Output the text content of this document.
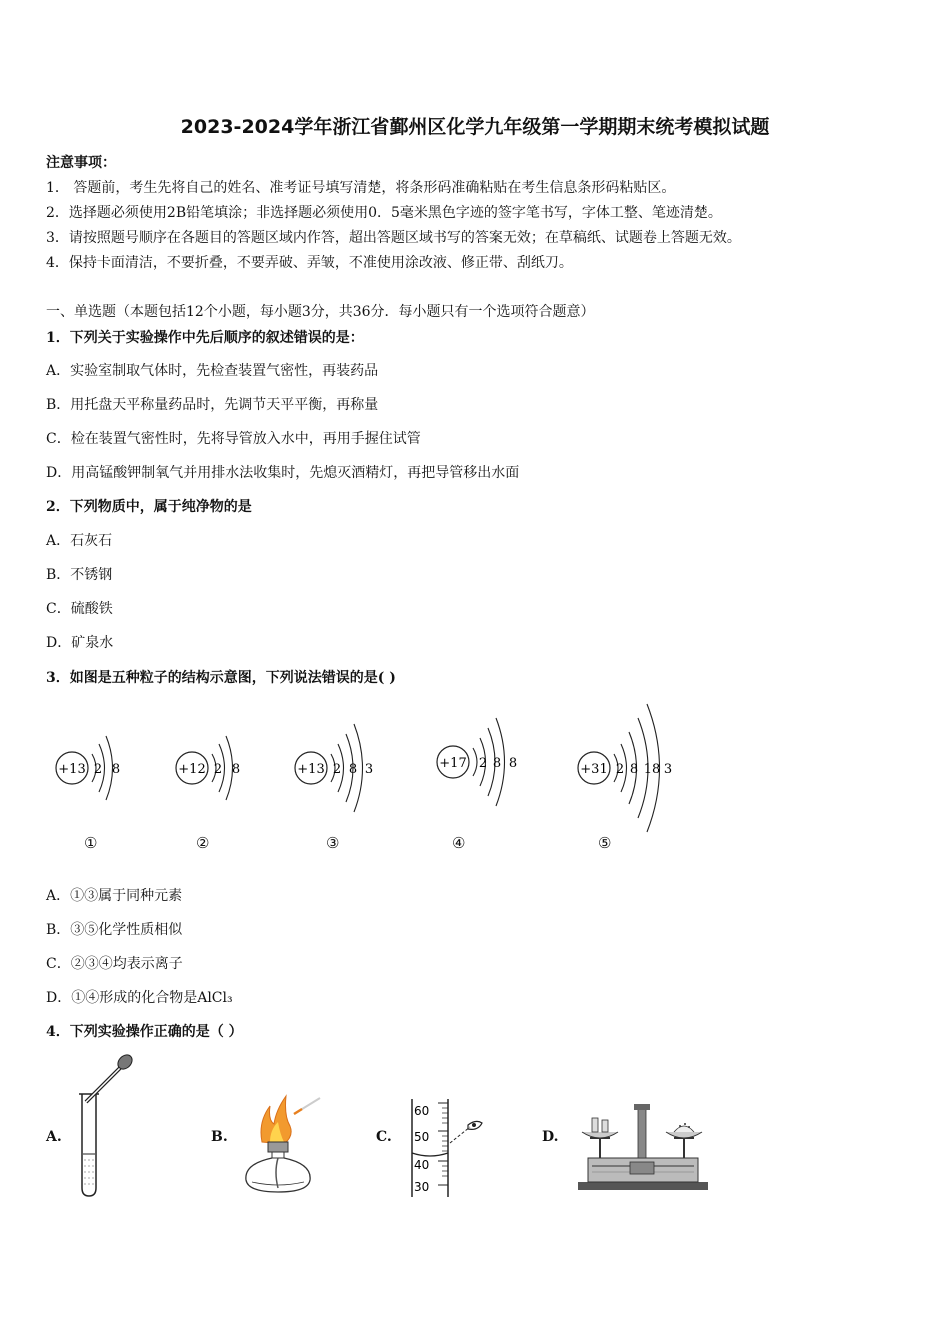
2023-2024学年浙江省鄞州区化学九年级第一学期期末统考模拟试题
注意事项：
1． 答题前，考生先将自己的姓名、准考证号填写清楚，将条形码准确粘贴在考生信息条形码粘贴区。
2．选择题必须使用2B铅笔填涂；非选择题必须使用0．5毫米黑色字迹的签字笔书写，字体工整、笔迹清楚。
3．请按照题号顺序在各题目的答题区域内作答，超出答题区域书写的答案无效；在草稿纸、试题卷上答题无效。
4．保持卡面清洁，不要折叠，不要弄破、弄皱，不准使用涂改液、修正带、刮纸刀。
一、单选题（本题包括12个小题，每小题3分，共36分．每小题只有一个选项符合题意）
1．下列关于实验操作中先后顺序的叙述错误的是：
A．实验室制取气体时，先检查装置气密性，再装药品
B．用托盘天平称量药品时，先调节天平平衡，再称量
C．检在装置气密性时，先将导管放入水中，再用手握住试管
D．用高锰酸钾制氧气并用排水法收集时，先熄灭酒精灯，再把导管移出水面
2．下列物质中，属于纯净物的是
A．石灰石
B．不锈钢
C．硫酸铁
D．矿泉水
3．如图是五种粒子的结构示意图，下列说法错误的是( )
+13 2 8
①
+12 2 8
②
+13 2 8 3
③
+17 2 8 8
④
+31 2 8 18 3
⑤
A．①③属于同种元素
B．③⑤化学性质相似
C．②③④均表示离子
D．①④形成的化合物是AlCl₃
4．下列实验操作正确的是（ ）
A.	B.	C.
60
50
40
30
D.
